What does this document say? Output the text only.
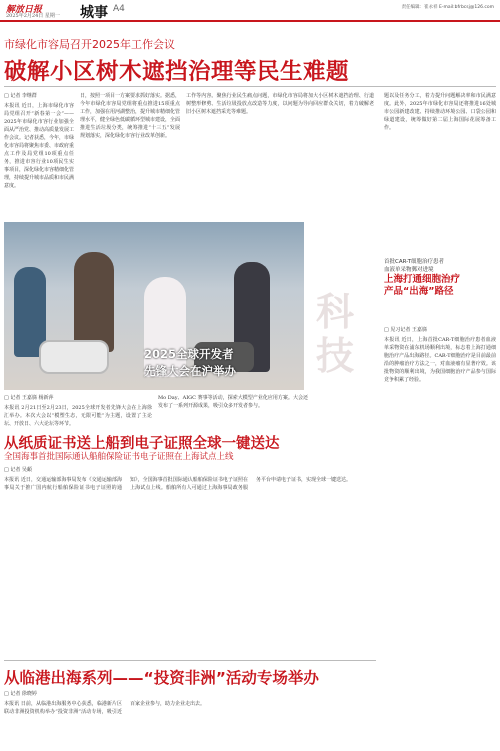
解放日报
2025年2月24日 星期一 城事 A4	责任编辑：崔永祥 E-mail:bfrbcsj@126.com
市绿化市容局召开2025年工作会议
破解小区树木遮挡治理等民生难题
□ 记者 李继群
本报讯 近日，上海市绿化市容局党组召开“新春第一会”——2025年市绿化市容行业加强全面从严治党、推动高质量发展工作会议。记者获悉，今年，市绿化市容局将聚焦市委、市政府重点工作及局党组10项重点任务，推进市容行业10项民生实事项目，深化绿化市容精细化管理，持续提升城市品质和市民满意度。
日，按照一项目一方案要求抓好落实。据悉，今年市绿化市容局党组将重点推进15项重点工作，加强在用河湖整治，提升城市精细化管理水平，健全绿色低碳循环型城市建设，全面推进生活垃圾分类，统筹推进“十三五”发展规划落实，深化绿化市容行业改革创新。
工作等内容。聚焦行业民生痛点问题，市绿化市容局将加大小区树木遮挡治理、行道树整形修剪、生活垃圾投放点改造等力度，以问题为导向回应群众关切，着力破解老旧小区树木遮挡采光等难题。
题以及任务分工，着力提升问题解决率和市民满意度。此外，2025年市绿化市容局还将推进16处城市公园新建改建、持续推动环境公园、口袋公园和绿道建设，统筹做好第二届上海国际花展筹备工作。
2025全球开发者
先锋大会在沪举办
科技
首批CAR-T细胞治疗患者
血液单采物郵对进境
上海打通细胞治疗
产品“出海”路径
□ 见习记者 王嘉旖
本报讯 近日，上海首批CAR-T细胞治疗患者血液单采物资在浦东机场顺利出境，标志着上海打通细胞治疗产品出海路径。CAR-T细胞治疗是目前最前沿的肿瘤治疗方法之一，对血液瘤有显著疗效。该批物资的顺利出境，为我国细胞治疗产品参与国际竞争积累了经验。
□ 记者 王嘉旖 杨新萍
本报讯 2月21日至2月23日，2025全球开发者先锋大会在上海徐汇举办。本次大会以“模塑生态，无限可能”为主题，设置了主论坛、开放日、六大论坛等环节。
Mo Day、AIGC 赛事等活动，探索大模型产业化应用方案。大会还发布了一系列开源成果，吸引众多开发者参与。
从纸质证书送上船到电子证照全球一键送达
全国海事首批国际通认船舶保险证书电子证照在上海试点上线
□ 记者 吴頔
本报讯 近日，交通运输部海事局发布《交通运输部海事局关于推广国内航行船舶保险证书电子证照的通知》，全国海事首批国际通认船舶保险证书电子证照在上海试点上线。船舶所有人可通过上海海事局政务服务平台申请电子证书，实现全球一键送达。
从临港出海系列——“投资非洲”活动专场举办
□ 记者 徐晓婷
本报讯 日前，从临港出海服务中心获悉，临港新片区联动非洲投资机构举办“投资非洲”活动专场，吸引近百家企业参与，助力企业走出去。
